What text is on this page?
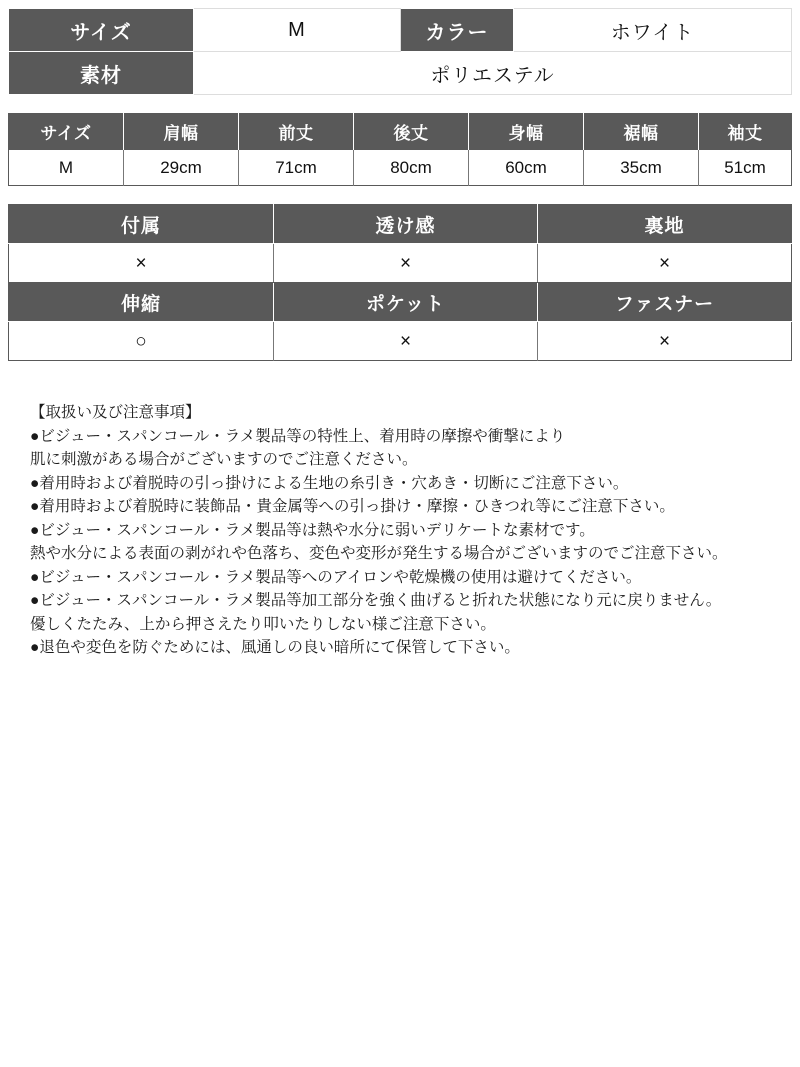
サイズ	M	カラー	ホワイト
素材	ポリエステル		
サイズ	肩幅	前丈	後丈	身幅	裾幅	袖丈
M	29cm	71cm	80cm	60cm	35cm	51cm
付属	透け感	裏地
×	×	×
伸縮	ポケット	ファスナー
○	×	×
【取扱い及び注意事項】
●ビジュー・スパンコール・ラメ製品等の特性上、着用時の摩擦や衝撃により
肌に刺激がある場合がございますのでご注意ください。
●着用時および着脱時の引っ掛けによる生地の糸引き・穴あき・切断にご注意下さい。
●着用時および着脱時に装飾品・貴金属等への引っ掛け・摩擦・ひきつれ等にご注意下さい。
●ビジュー・スパンコール・ラメ製品等は熱や水分に弱いデリケートな素材です。
熱や水分による表面の剥がれや色落ち、変色や変形が発生する場合がございますのでご注意下さい。
●ビジュー・スパンコール・ラメ製品等へのアイロンや乾燥機の使用は避けてください。
●ビジュー・スパンコール・ラメ製品等加工部分を強く曲げると折れた状態になり元に戻りません。
優しくたたみ、上から押さえたり叩いたりしない様ご注意下さい。
●退色や変色を防ぐためには、風通しの良い暗所にて保管して下さい。
